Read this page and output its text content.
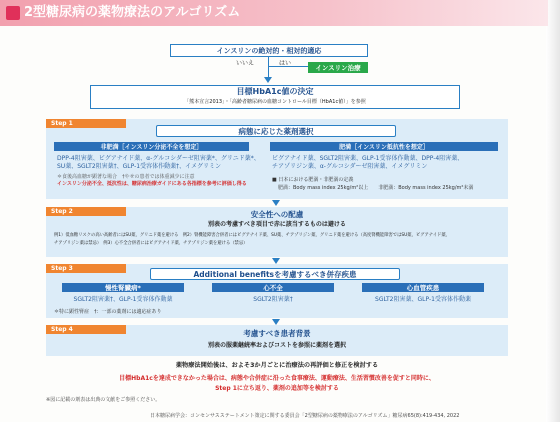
2型糖尿病の薬物療法のアルゴリズム
インスリンの絶対的・相対的適応
いいえ	はい
インスリン治療
目標HbA1c値の決定
「熊本宣言2013」・「高齢者糖尿病の血糖コントロール目標（HbA1c値）」を参照
Step 1
病態に応じた薬剤選択
非肥満［インスリン分泌不全を想定］
DPP-4阻害薬、ビグアナイド薬、α-グルコシダーゼ阻害薬*、グリニド薬*、
SU薬、SGLT2阻害薬†、GLP-1受容体作動薬†、イメグリミン
＊食後高血糖が顕著な場合　†やせの患者では体重減少に注意
インスリン分泌不全、抵抗性は、糖尿病治療ガイドにある各指標を参考に評価し得る
肥満［インスリン抵抗性を想定］
ビグアナイド薬、SGLT2阻害薬、GLP-1受容体作動薬、DPP-4阻害薬、
チアゾリジン薬、α-グルコシダーゼ阻害薬、イメグリミン
■ 日本における肥満・非肥満の定義
肥満：Body mass index 25kg/m²以上　　非肥満：Body mass index 25kg/m²未満
Step 2	安全性への配慮
別表の考慮すべき項目で赤に該当するものは避ける
例1）低血糖リスクの高い高齢者にはSU薬、グリニド薬を避ける　例2）腎機能障害合併者にはビグアナイド薬、SU薬、チアゾリジン薬、グリニド薬を避ける（高度腎機能障害ではSU薬、ビグアナイド薬、
チアゾリジン薬は禁忌）　例3）心不全合併者にはビグアナイド薬、チアゾリジン薬を避ける（禁忌）
Step 3
Additional benefitsを考慮するべき併存疾患
慢性腎臓病*
SGLT2阻害薬†、GLP-1受容体作動薬
心不全
SGLT2阻害薬†
心血管疾患
SGLT2阻害薬、GLP-1受容体作動薬
＊特に顕性腎症　†：一部の薬剤には適応症あり
Step 4	考慮すべき患者背景
別表の服薬継続率およびコストを参照に薬剤を選択
薬物療法開始後は、およそ3か月ごとに治療法の再評価と修正を検討する
目標HbA1cを達成できなかった場合は、病態や合併症に沿った食事療法、運動療法、生活習慣改善を促すと同時に、
Step 1に立ち返り、薬剤の追加等を検討する
※図に記載の剤表は出典の文献をご参照ください。
日本糖尿病学会：コンセンサスステートメント策定に関する委員会「2型糖尿病の薬物療法のアルゴリズム」糖尿病65(8):419-434, 2022
